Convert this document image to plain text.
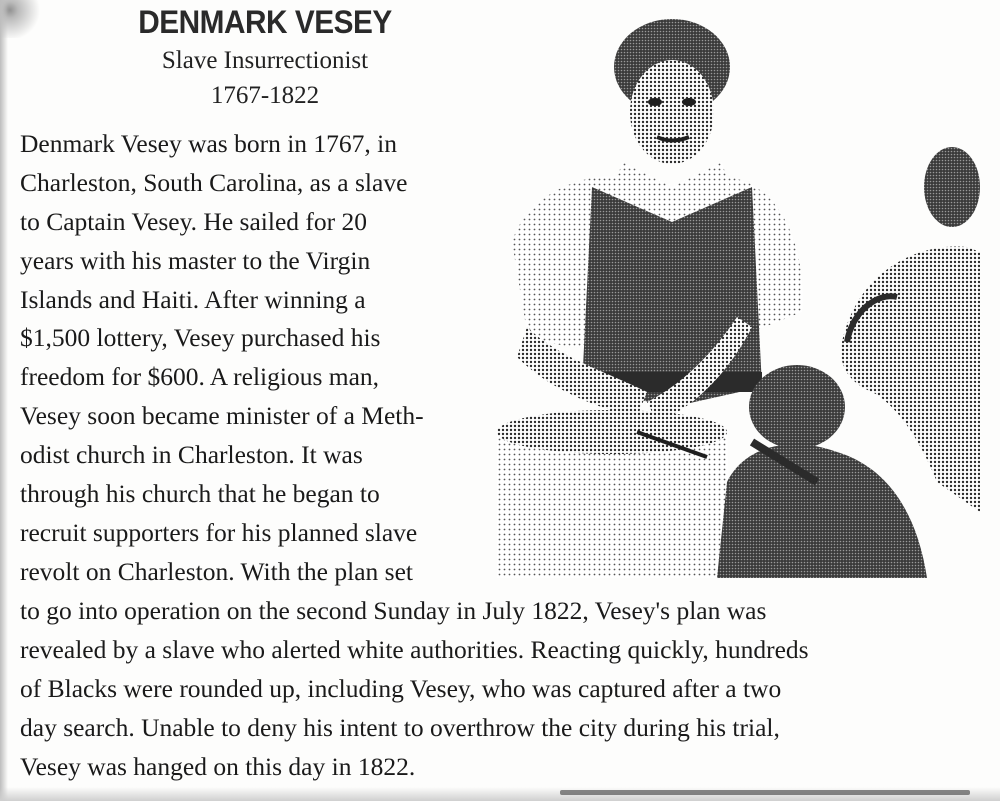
DENMARK VESEY
Slave Insurrectionist
1767-1822
Denmark Vesey was born in 1767, in
Charleston, South Carolina, as a slave
to Captain Vesey. He sailed for 20
years with his master to the Virgin
Islands and Haiti. After winning a
$1,500 lottery, Vesey purchased his
freedom for $600. A religious man,
Vesey soon became minister of a Meth-
odist church in Charleston. It was
through his church that he began to
recruit supporters for his planned slave
revolt on Charleston. With the plan set
to go into operation on the second Sunday in July 1822, Vesey's plan was
revealed by a slave who alerted white authorities. Reacting quickly, hundreds
of Blacks were rounded up, including Vesey, who was captured after a two
day search. Unable to deny his intent to overthrow the city during his trial,
Vesey was hanged on this day in 1822.
